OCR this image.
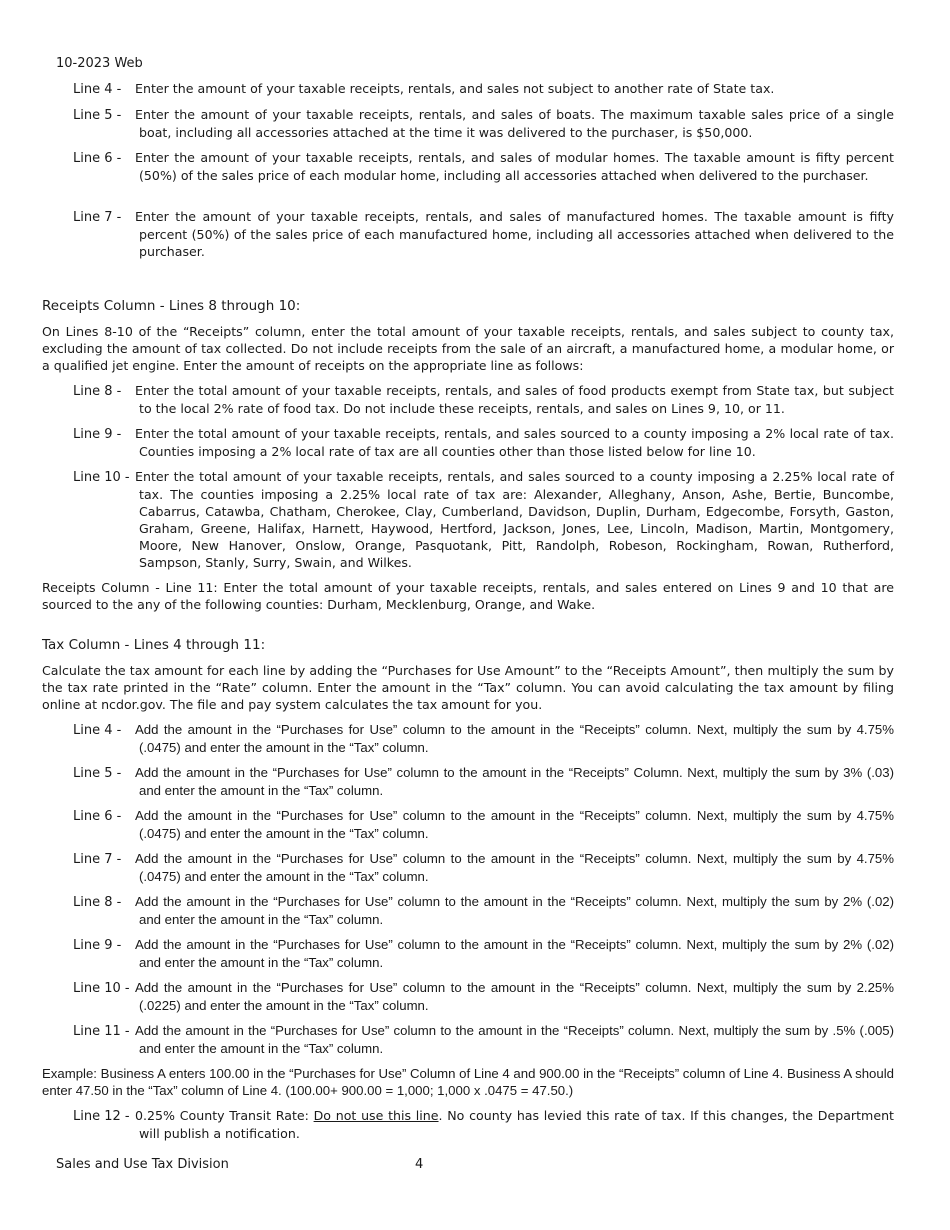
10-2023 Web
Line 4 - Enter the amount of your taxable receipts, rentals, and sales not subject to another rate of State tax.
Line 5 - Enter the amount of your taxable receipts, rentals, and sales of boats. The maximum taxable sales price of a single boat, including all accessories attached at the time it was delivered to the purchaser, is $50,000.
Line 6 - Enter the amount of your taxable receipts, rentals, and sales of modular homes. The taxable amount is fifty percent (50%) of the sales price of each modular home, including all accessories attached when delivered to the purchaser.
Line 7 - Enter the amount of your taxable receipts, rentals, and sales of manufactured homes. The taxable amount is fifty percent (50%) of the sales price of each manufactured home, including all accessories attached when delivered to the purchaser.
Receipts Column - Lines 8 through 10:
On Lines 8-10 of the “Receipts” column, enter the total amount of your taxable receipts, rentals, and sales subject to county tax, excluding the amount of tax collected. Do not include receipts from the sale of an aircraft, a manufactured home, a modular home, or a qualified jet engine. Enter the amount of receipts on the appropriate line as follows:
Line 8 - Enter the total amount of your taxable receipts, rentals, and sales of food products exempt from State tax, but subject to the local 2% rate of food tax. Do not include these receipts, rentals, and sales on Lines 9, 10, or 11.
Line 9 - Enter the total amount of your taxable receipts, rentals, and sales sourced to a county imposing a 2% local rate of tax. Counties imposing a 2% local rate of tax are all counties other than those listed below for line 10.
Line 10 - Enter the total amount of your taxable receipts, rentals, and sales sourced to a county imposing a 2.25% local rate of tax. The counties imposing a 2.25% local rate of tax are: Alexander, Alleghany, Anson, Ashe, Bertie, Buncombe, Cabarrus, Catawba, Chatham, Cherokee, Clay, Cumberland, Davidson, Duplin, Durham, Edgecombe, Forsyth, Gaston, Graham, Greene, Halifax, Harnett, Haywood, Hertford, Jackson, Jones, Lee, Lincoln, Madison, Martin, Montgomery, Moore, New Hanover, Onslow, Orange, Pasquotank, Pitt, Randolph, Robeson, Rockingham, Rowan, Rutherford, Sampson, Stanly, Surry, Swain, and Wilkes.
Receipts Column - Line 11: Enter the total amount of your taxable receipts, rentals, and sales entered on Lines 9 and 10 that are sourced to the any of the following counties: Durham, Mecklenburg, Orange, and Wake.
Tax Column - Lines 4 through 11:
Calculate the tax amount for each line by adding the “Purchases for Use Amount” to the “Receipts Amount”, then multiply the sum by the tax rate printed in the “Rate” column. Enter the amount in the “Tax” column. You can avoid calculating the tax amount by filing online at ncdor.gov. The file and pay system calculates the tax amount for you.
Line 4 - Add the amount in the “Purchases for Use” column to the amount in the “Receipts” column. Next, multiply the sum by 4.75% (.0475) and enter the amount in the “Tax” column.
Line 5 - Add the amount in the “Purchases for Use” column to the amount in the “Receipts” Column. Next, multiply the sum by 3% (.03) and enter the amount in the “Tax” column.
Line 6 - Add the amount in the “Purchases for Use” column to the amount in the “Receipts” column. Next, multiply the sum by 4.75% (.0475) and enter the amount in the “Tax” column.
Line 7 - Add the amount in the “Purchases for Use” column to the amount in the “Receipts” column. Next, multiply the sum by 4.75% (.0475) and enter the amount in the “Tax” column.
Line 8 - Add the amount in the “Purchases for Use” column to the amount in the “Receipts” column. Next, multiply the sum by 2% (.02) and enter the amount in the “Tax” column.
Line 9 - Add the amount in the “Purchases for Use” column to the amount in the “Receipts” column. Next, multiply the sum by 2% (.02) and enter the amount in the “Tax” column.
Line 10 - Add the amount in the “Purchases for Use” column to the amount in the “Receipts” column. Next, multiply the sum by 2.25% (.0225) and enter the amount in the “Tax” column.
Line 11 - Add the amount in the “Purchases for Use” column to the amount in the “Receipts” column. Next, multiply the sum by .5% (.005) and enter the amount in the “Tax” column.
Example: Business A enters 100.00 in the “Purchases for Use” Column of Line 4 and 900.00 in the “Receipts” column of Line 4. Business A should enter 47.50 in the “Tax” column of Line 4. (100.00+ 900.00 = 1,000; 1,000 x .0475 = 47.50.)
Line 12 - 0.25% County Transit Rate: Do not use this line. No county has levied this rate of tax. If this changes, the Department will publish a notification.
Sales and Use Tax Division	4
